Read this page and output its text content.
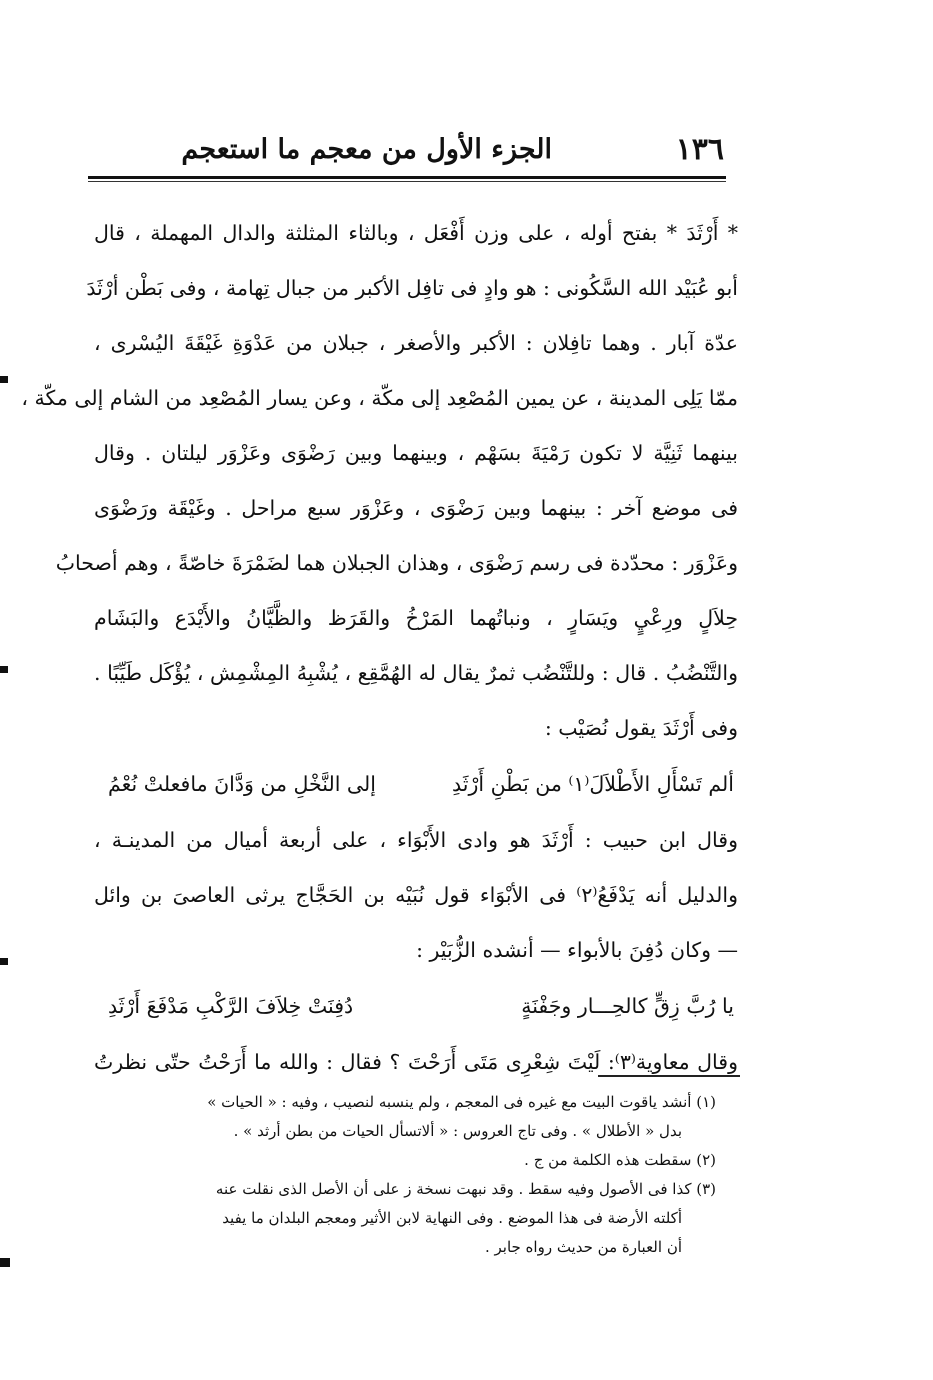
١٣٦
الجزء الأول من معجم ما استعجم
* أَرْثَدَ * بفتح أوله ، على وزن أَفْعَل ، وبالثاء المثلثة والدال المهملة ، قال
أبو عُبَيْد الله السَّكُونى : هو وادٍ فى تافِل الأكبر من جبال تِهامة ، وفى بَطْن أرْثَدَ
عدّة آبار . وهما تافِلان : الأكبر والأصغر ، جبلان من عَدْوَةِ غَيْقَةَ اليُسْرى ،
ممّا يَلِى المدينة ، عن يمين المُصْعِد إلى مكّة ، وعن يسار المُصْعِد من الشام إلى مكّة ،
بينهما ثَنِيَّة لا تكون رَمْيَةَ بسَهْم ، وبينهما وبين رَضْوَى وعَزْوَر ليلتان . وقال
فى موضع آخر : بينهما وبين رَضْوَى ، وعَزْوَر سبع مراحل . وغَيْقَة ورَضْوَى
وعَزْوَر : محدّدة فى رسم رَضْوَى ، وهذان الجبلان هما لضَمْرَةَ خاصّةً ، وهم أصحابُ
حِلاَلٍ ورِعْيٍ ويَسَارٍ ، ونباتُهما المَرْخُ والقَرَظ والظَّيَّانُ والأَيْدَع والبَشَام
والتَّنْضُبُ . قال : وللتَّنْضُب ثمرٌ يقال له الهُمَّقِع ، يُشْبِهُ المِشْمِش ، يُؤْكَل طَيِّبًا .
وفى أَرْثَدَ يقول نُصَيْب :
ألم تَسْأَلِ الأَطْلاَلَ⁽١⁾ من بَطْنِ أَرْثَدِ
إلى النَّخْلِ من وَدَّانَ مافعلتْ نُعْمُ
وقال ابن حبيب : أَرْثَدَ هو وادى الأَبْوَاء ، على أربعة أميال من المدينـة ،
والدليل أنه يَدْفَعُ⁽٢⁾ فى الأبْوَاء قول نُبَيْه بن الحَجَّاج يرثى العاصىَ بن وائل
— وكان دُفِنَ بالأبواء — أنشده الزُّبَيْر :
يا رُبَّ زِقٍّ كالحِـــار وجَفْنَةٍ
دُفِنَتْ خِلاَفَ الرَّكْبِ مَدْفَعَ أَرْثَدِ
وقال معاوية⁽٣⁾: لَيْتَ شِعْرِى مَتَى أَرَحْتَ ؟ فقال : والله ما أَرَحْتُ حتّى نظرتُ
(١) أنشد ياقوت البيت مع غيره فى المعجم ، ولم ينسبه لنصيب ، وفيه : « الحيات »
بدل « الأطلال » . وفى تاج العروس : « ألاتسأل الحيات من بطن أرثد » .
(٢) سقطت هذه الكلمة من ج .
(٣) كذا فى الأصول وفيه سقط . وقد نبهت نسخة ز على أن الأصل الذى نقلت عنه
أكلته الأرضة فى هذا الموضع . وفى النهاية لابن الأثير ومعجم البلدان ما يفيد
أن العبارة من حديث رواه جابر .
